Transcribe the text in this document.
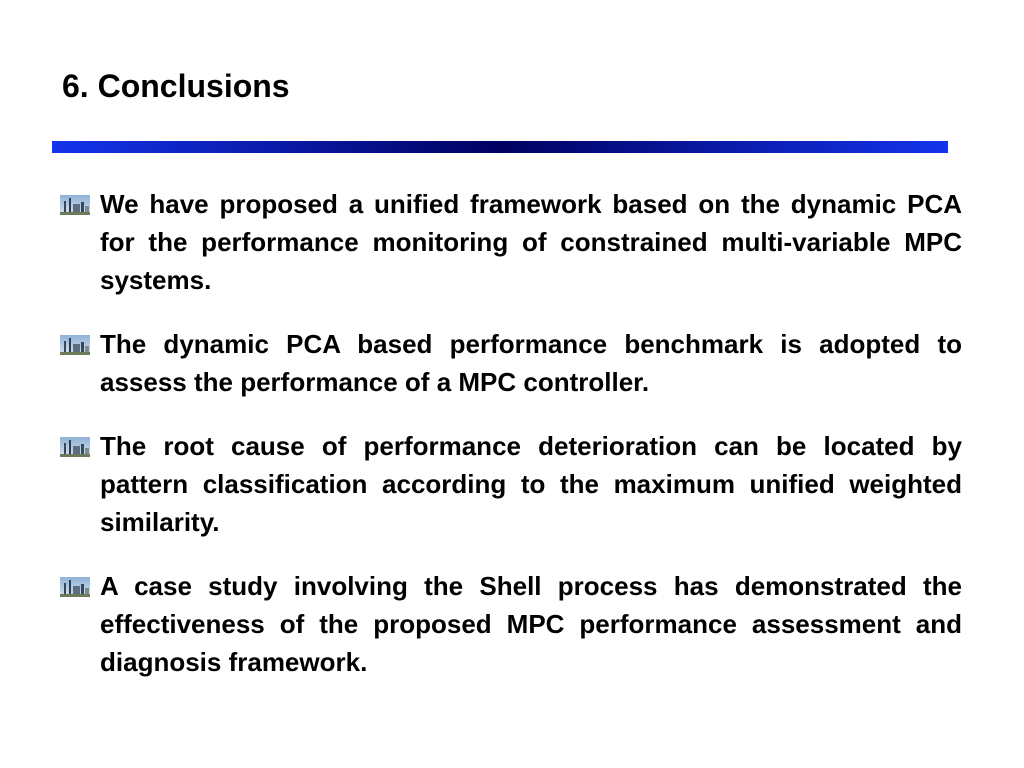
6. Conclusions
We have proposed a unified framework based on the dynamic PCA for the performance monitoring of constrained multi-variable MPC systems.
The dynamic PCA based performance benchmark is adopted to assess the performance of a MPC controller.
The root cause of performance deterioration can be located by pattern classification according to the maximum unified weighted similarity.
A case study involving the Shell process has demonstrated the effectiveness of the proposed MPC performance assessment and diagnosis framework.
